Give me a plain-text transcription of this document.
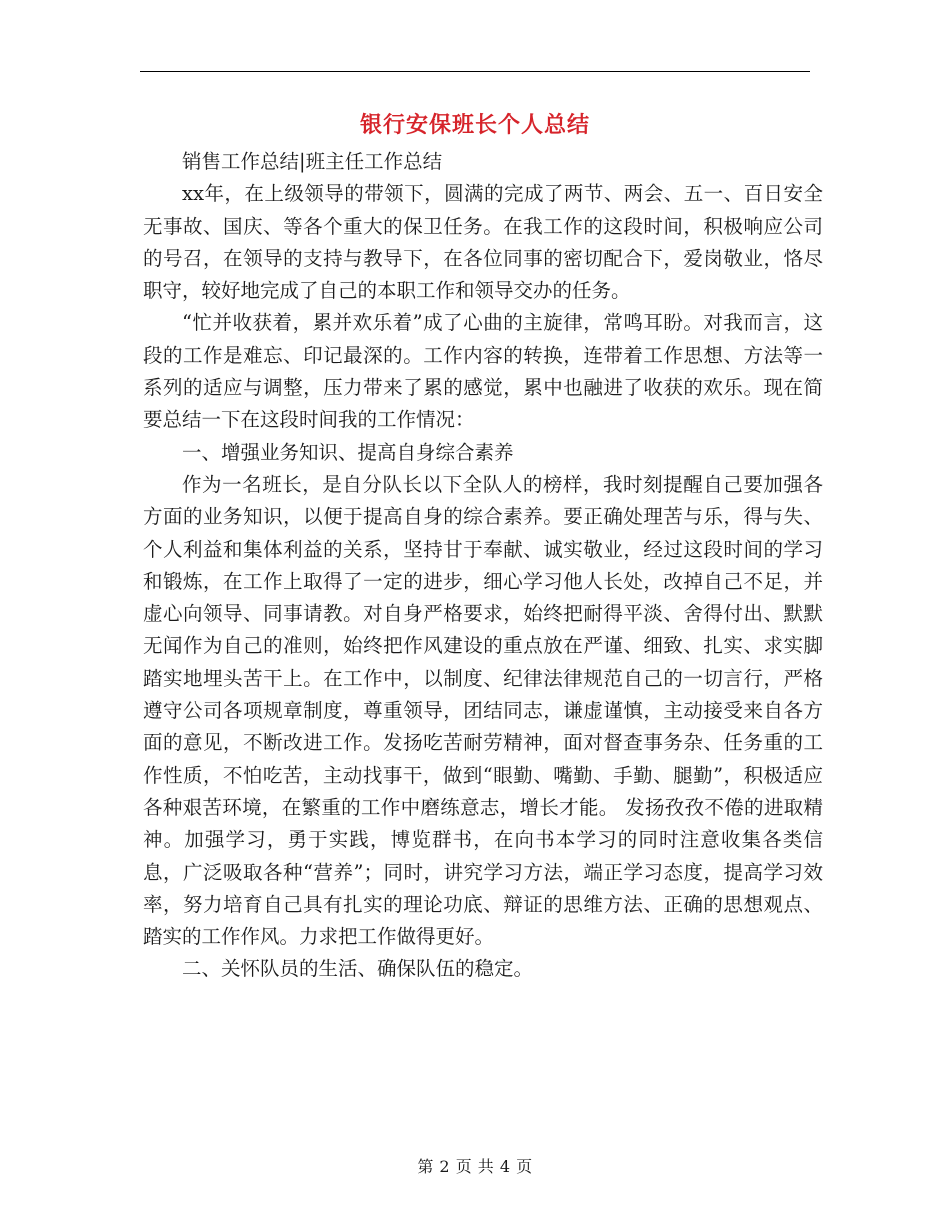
银行安保班长个人总结

销售工作总结|班主任工作总结

xx年，在上级领导的带领下，圆满的完成了两节、两会、五一、百日安全无事故、国庆、等各个重大的保卫任务。在我工作的这段时间，积极响应公司的号召，在领导的支持与教导下，在各位同事的密切配合下，爱岗敬业，恪尽职守，较好地完成了自己的本职工作和领导交办的任务。

“忙并收获着，累并欢乐着”成了心曲的主旋律，常鸣耳盼。对我而言，这段的工作是难忘、印记最深的。工作内容的转换，连带着工作思想、方法等一系列的适应与调整，压力带来了累的感觉，累中也融进了收获的欢乐。现在简要总结一下在这段时间我的工作情况：

一、增强业务知识、提高自身综合素养

作为一名班长，是自分队长以下全队人的榜样，我时刻提醒自己要加强各方面的业务知识，以便于提高自身的综合素养。要正确处理苦与乐，得与失、个人利益和集体利益的关系，坚持甘于奉献、诚实敬业，经过这段时间的学习和锻炼，在工作上取得了一定的进步，细心学习他人长处，改掉自己不足，并虚心向领导、同事请教。对自身严格要求，始终把耐得平淡、舍得付出、默默无闻作为自己的准则，始终把作风建设的重点放在严谨、细致、扎实、求实脚踏实地埋头苦干上。在工作中，以制度、纪律法律规范自己的一切言行，严格遵守公司各项规章制度，尊重领导，团结同志，谦虚谨慎，主动接受来自各方面的意见，不断改进工作。发扬吃苦耐劳精神，面对督查事务杂、任务重的工作性质，不怕吃苦，主动找事干，做到“眼勤、嘴勤、手勤、腿勤”，积极适应各种艰苦环境，在繁重的工作中磨练意志，增长才能。 发扬孜孜不倦的进取精神。加强学习，勇于实践，博览群书，在向书本学习的同时注意收集各类信息，广泛吸取各种“营养”；同时，讲究学习方法，端正学习态度，提高学习效率，努力培育自己具有扎实的理论功底、辩证的思维方法、正确的思想观点、踏实的工作作风。力求把工作做得更好。

二、关怀队员的生活、确保队伍的稳定。

第 2 页 共 4 页
